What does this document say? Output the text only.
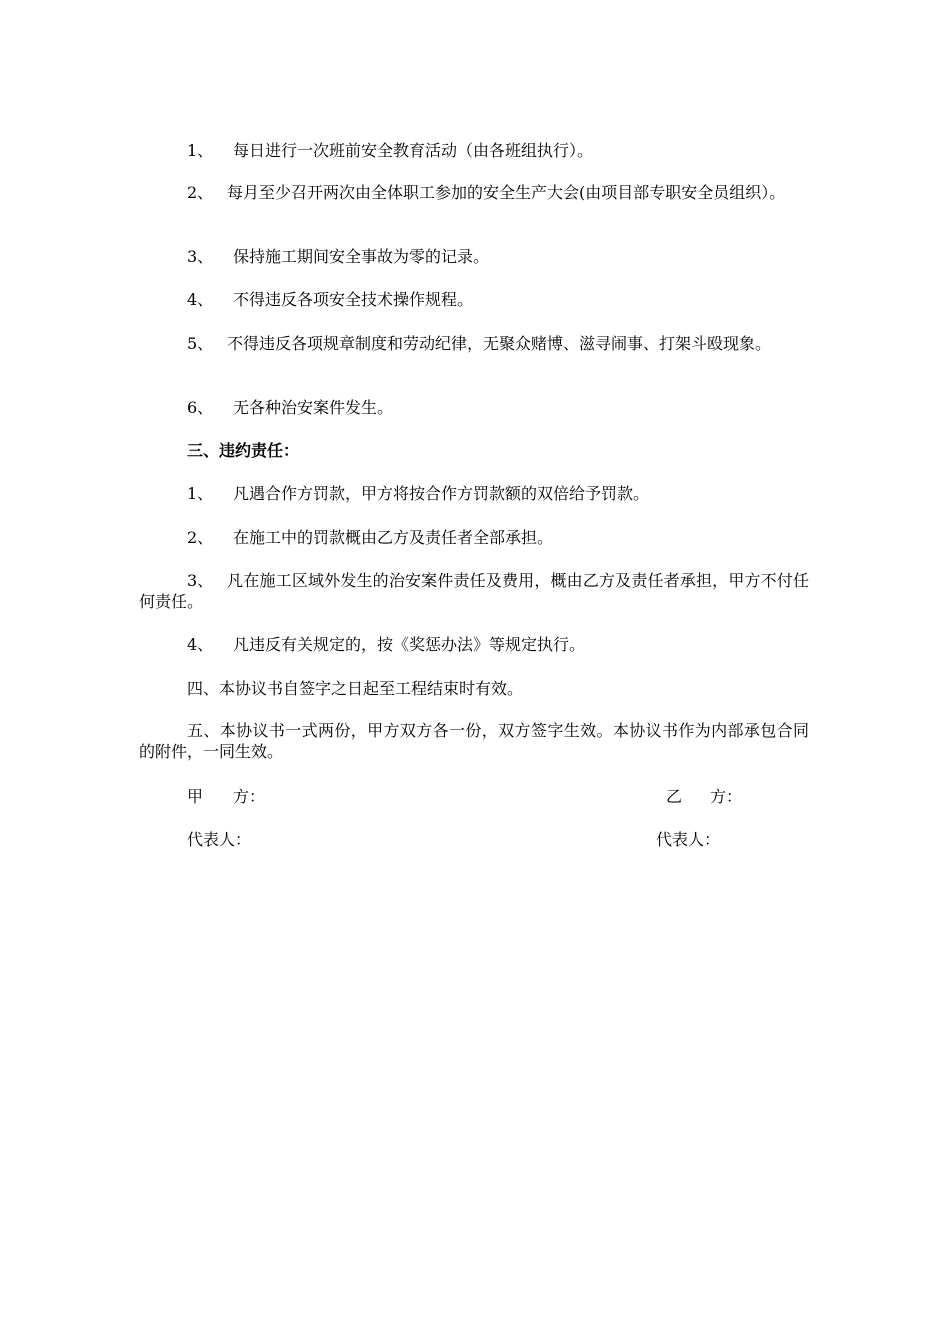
1、 每日进行一次班前安全教育活动（由各班组执行）。

2、 每月至少召开两次由全体职工参加的安全生产大会(由项目部专职安全员组织）。

3、 保持施工期间安全事故为零的记录。

4、 不得违反各项安全技术操作规程。

5、 不得违反各项规章制度和劳动纪律，无聚众赌博、滋寻闹事、打架斗殴现象。

6、 无各种治安案件发生。

三、违约责任：

1、 凡遇合作方罚款，甲方将按合作方罚款额的双倍给予罚款。

2、 在施工中的罚款概由乙方及责任者全部承担。

3、 凡在施工区域外发生的治安案件责任及费用，概由乙方及责任者承担，甲方不付任何责任。

4、 凡违反有关规定的，按《奖惩办法》等规定执行。

四、本协议书自签字之日起至工程结束时有效。

五、本协议书一式两份，甲方双方各一份，双方签字生效。本协议书作为内部承包合同的附件，一同生效。

甲 方：	乙 方：
代表人：	代表人：
